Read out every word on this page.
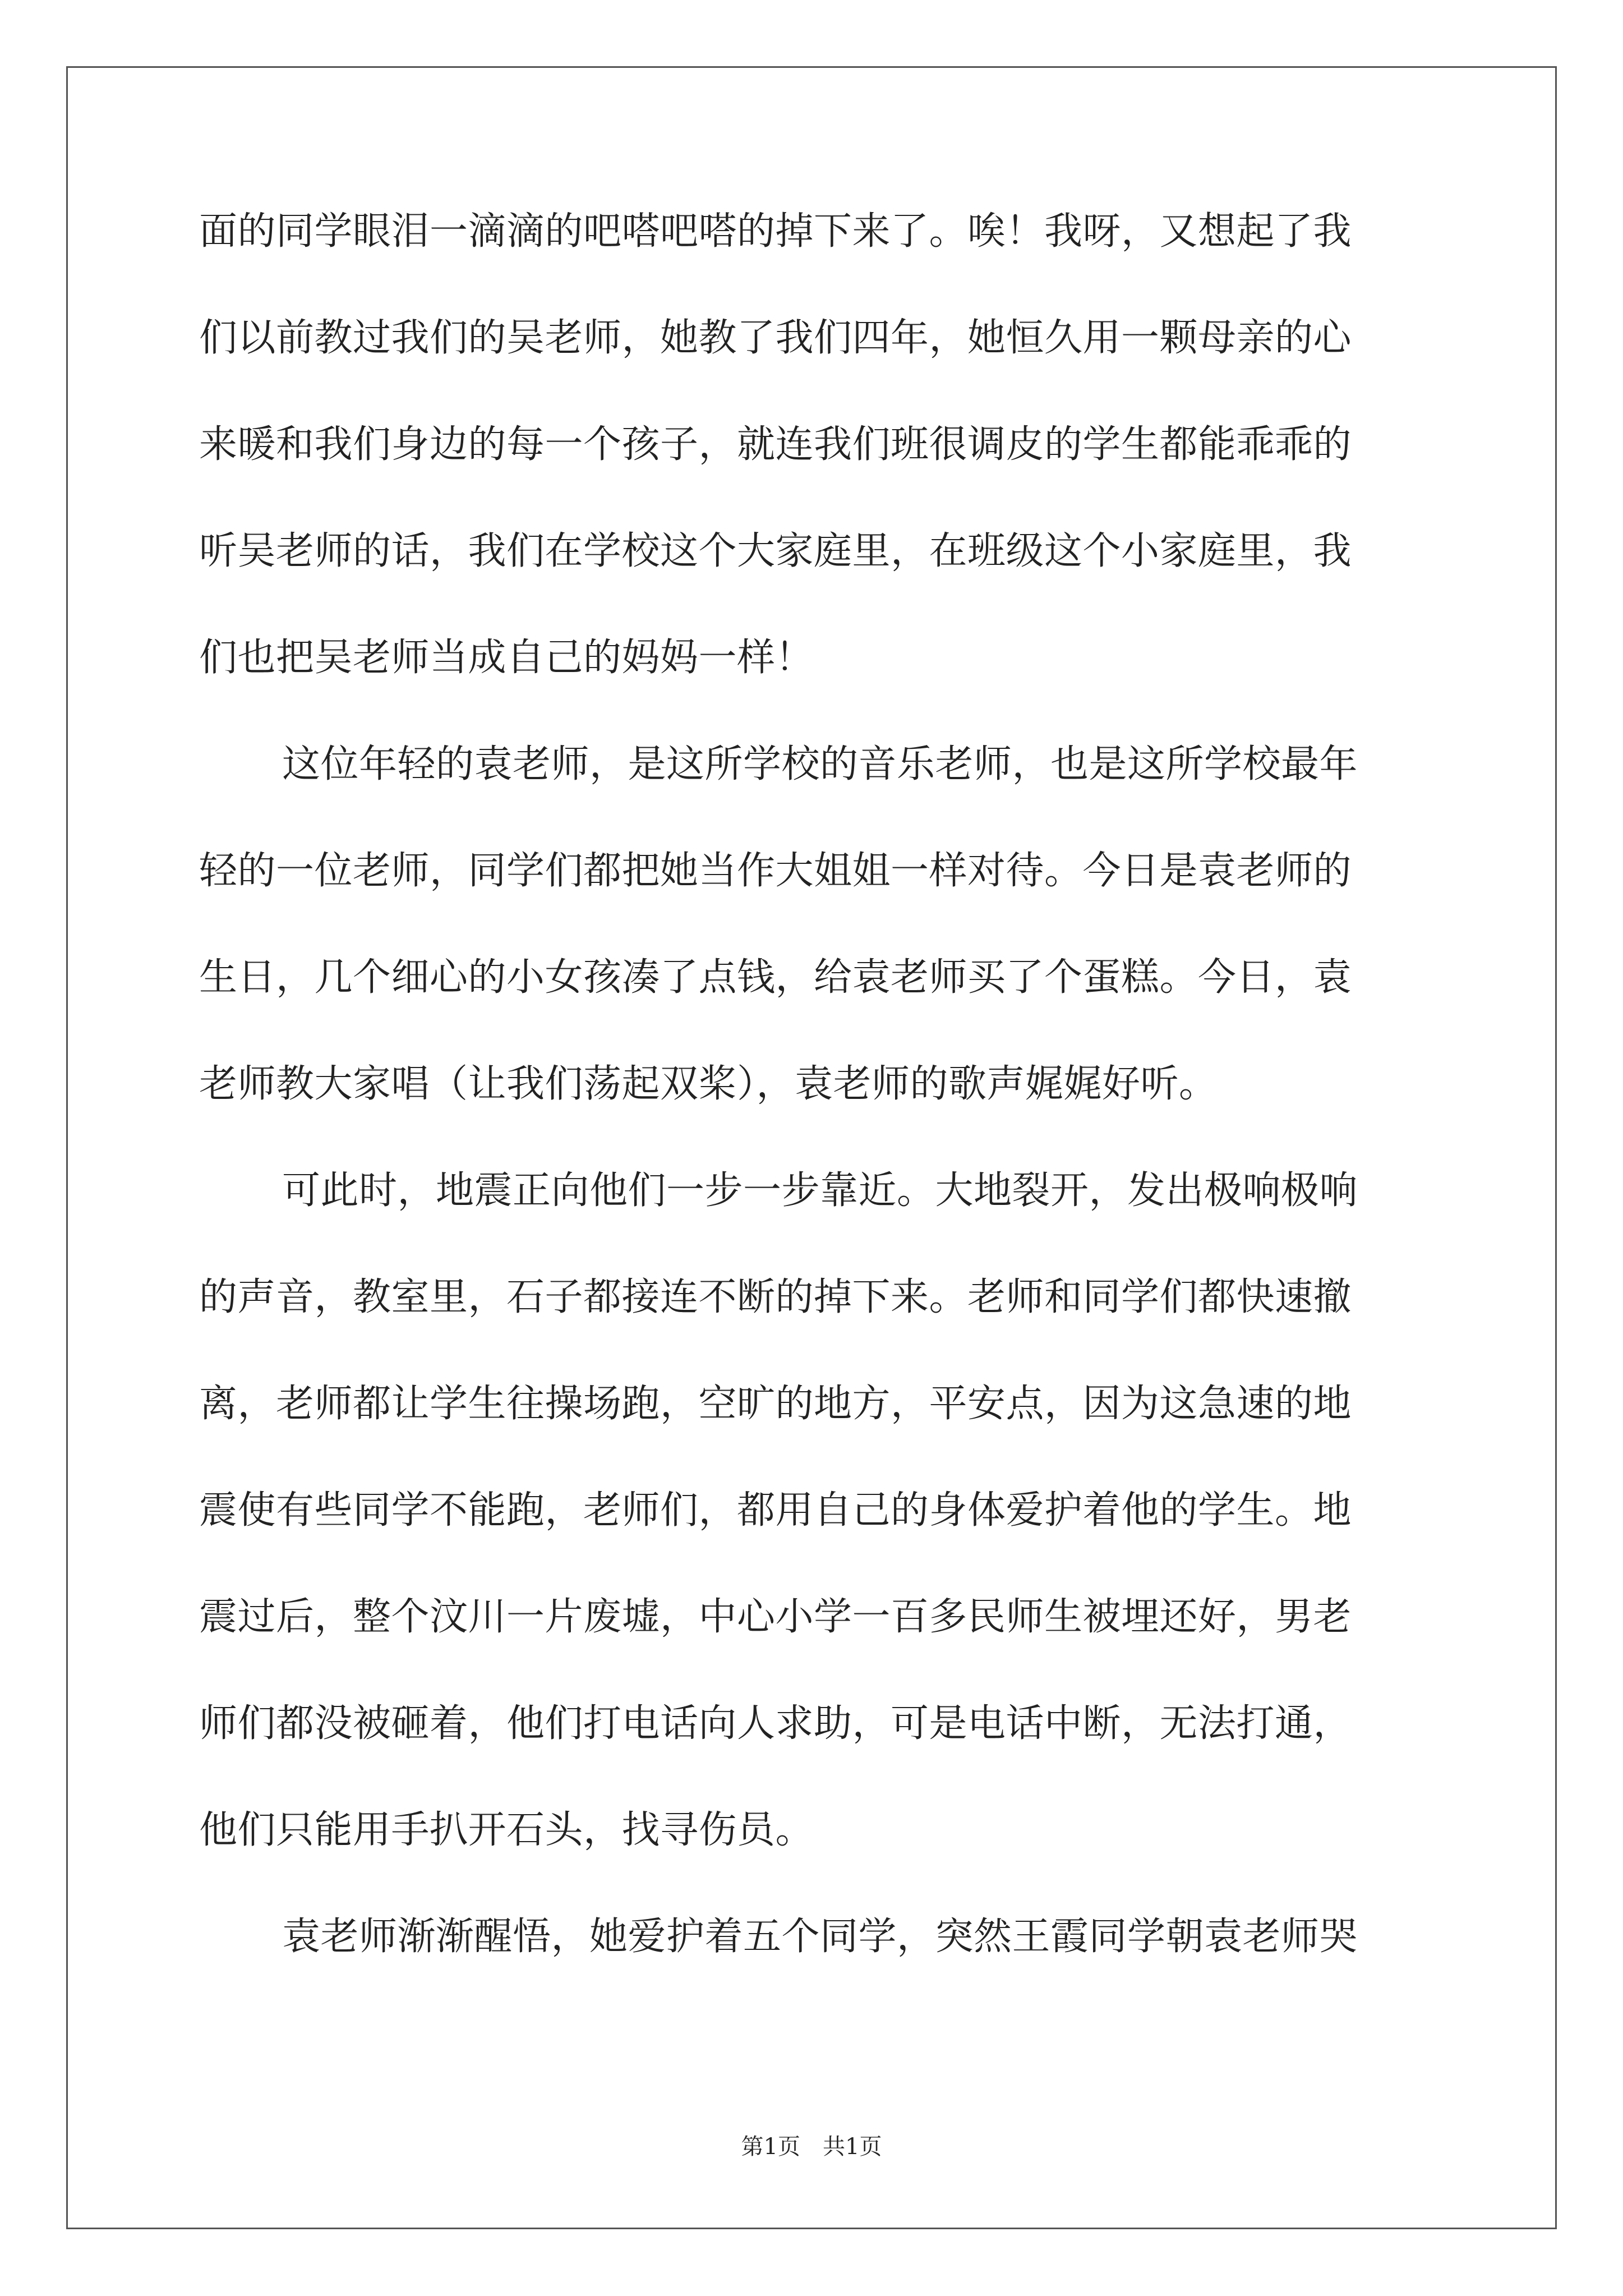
面的同学眼泪一滴滴的吧嗒吧嗒的掉下来了。唉！我呀，又想起了我
们以前教过我们的吴老师，她教了我们四年，她恒久用一颗母亲的心
来暖和我们身边的每一个孩子，就连我们班很调皮的学生都能乖乖的
听吴老师的话，我们在学校这个大家庭里，在班级这个小家庭里，我
们也把吴老师当成自己的妈妈一样！
这位年轻的袁老师，是这所学校的音乐老师，也是这所学校最年
轻的一位老师，同学们都把她当作大姐姐一样对待。今日是袁老师的
生日，几个细心的小女孩凑了点钱，给袁老师买了个蛋糕。今日，袁
老师教大家唱（让我们荡起双桨），袁老师的歌声娓娓好听。
可此时，地震正向他们一步一步靠近。大地裂开，发出极响极响
的声音，教室里，石子都接连不断的掉下来。老师和同学们都快速撤
离，老师都让学生往操场跑，空旷的地方，平安点，因为这急速的地
震使有些同学不能跑，老师们，都用自己的身体爱护着他的学生。地
震过后，整个汶川一片废墟，中心小学一百多民师生被埋还好，男老
师们都没被砸着，他们打电话向人求助，可是电话中断，无法打通，
他们只能用手扒开石头，找寻伤员。
袁老师渐渐醒悟，她爱护着五个同学，突然王霞同学朝袁老师哭
第1页 共1页
